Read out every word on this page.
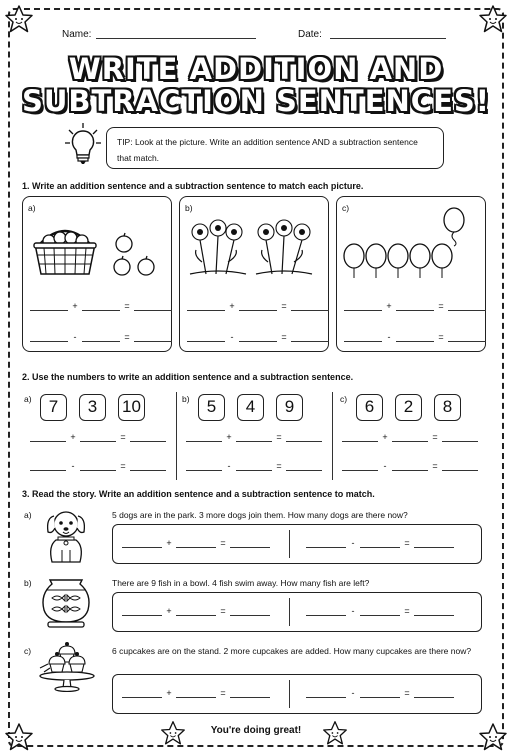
Name:	Date:
WRITE ADDITION AND
SUBTRACTION SENTENCES!
TIP: Look at the picture. Write an addition sentence AND a subtraction sentence that match.
1. Write an addition sentence and a subtraction sentence to match each picture.
a)	b)	c)
+	=
-	=
+	=
-	=
+	=
-	=
2. Use the numbers to write an addition sentence and a subtraction sentence.
a)	b)	c)
7	3	10	5	4	9	6	2	8
+	=
-	=
+	=
-	=
+	=
-	=
3. Read the story. Write an addition sentence and a subtraction sentence to match.
a)	5 dogs are in the park. 3 more dogs join them. How many dogs are there now?
b)	There are 9 fish in a bowl. 4 fish swim away. How many fish are left?
c)	6 cupcakes are on the stand. 2 more cupcakes are added. How many cupcakes are there now?
+	=	-	=
+	=	-	=
+	=	-	=
You're doing great!
